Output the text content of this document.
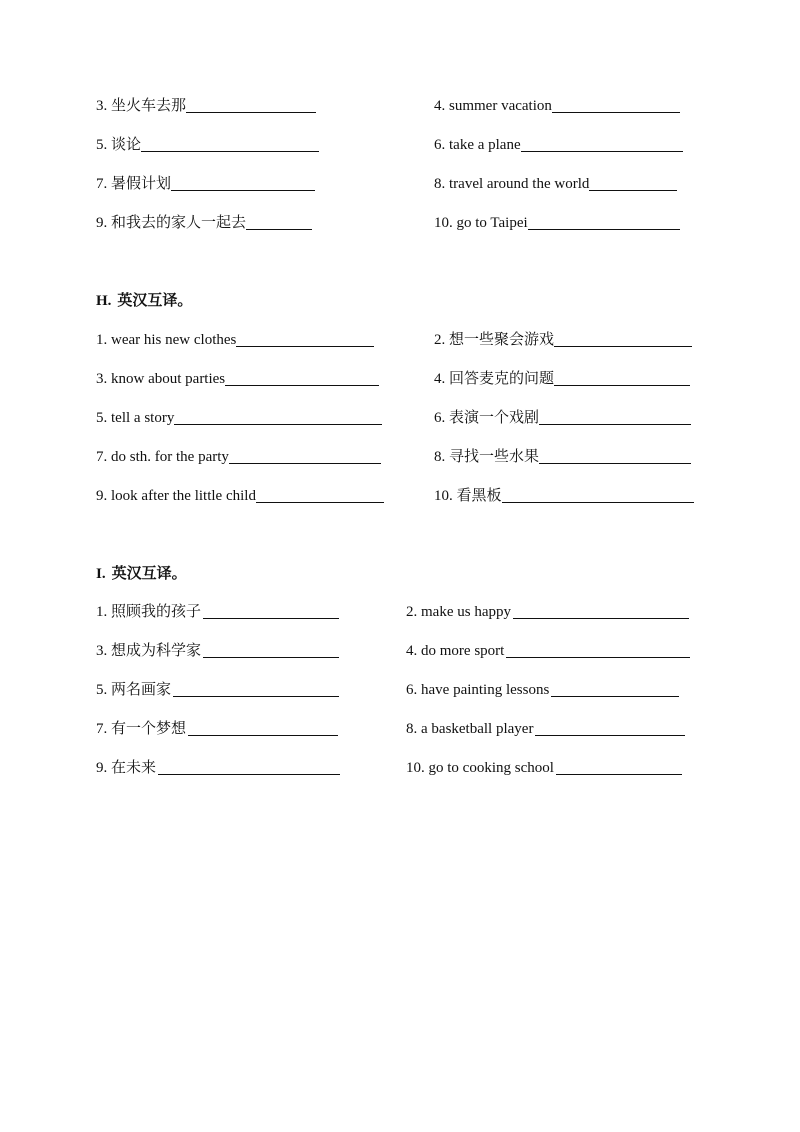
3. 坐火车去那	4. summer vacation
5. 谈论	6. take a plane
7. 暑假计划	8. travel around the world
9. 和我去的家人一起去	10. go to Taipei
H. 英汉互译。
1. wear his new clothes	2. 想一些聚会游戏
3. know about parties	4. 回答麦克的问题
5. tell a story	6. 表演一个戏剧
7. do sth. for the party	8. 寻找一些水果
9. look after the little child	10. 看黑板
I. 英汉互译。
1. 照顾我的孩子	2. make us happy
3. 想成为科学家	4. do more sport
5. 两名画家	6. have painting lessons
7. 有一个梦想	8. a basketball player
9. 在未来	10. go to cooking school
